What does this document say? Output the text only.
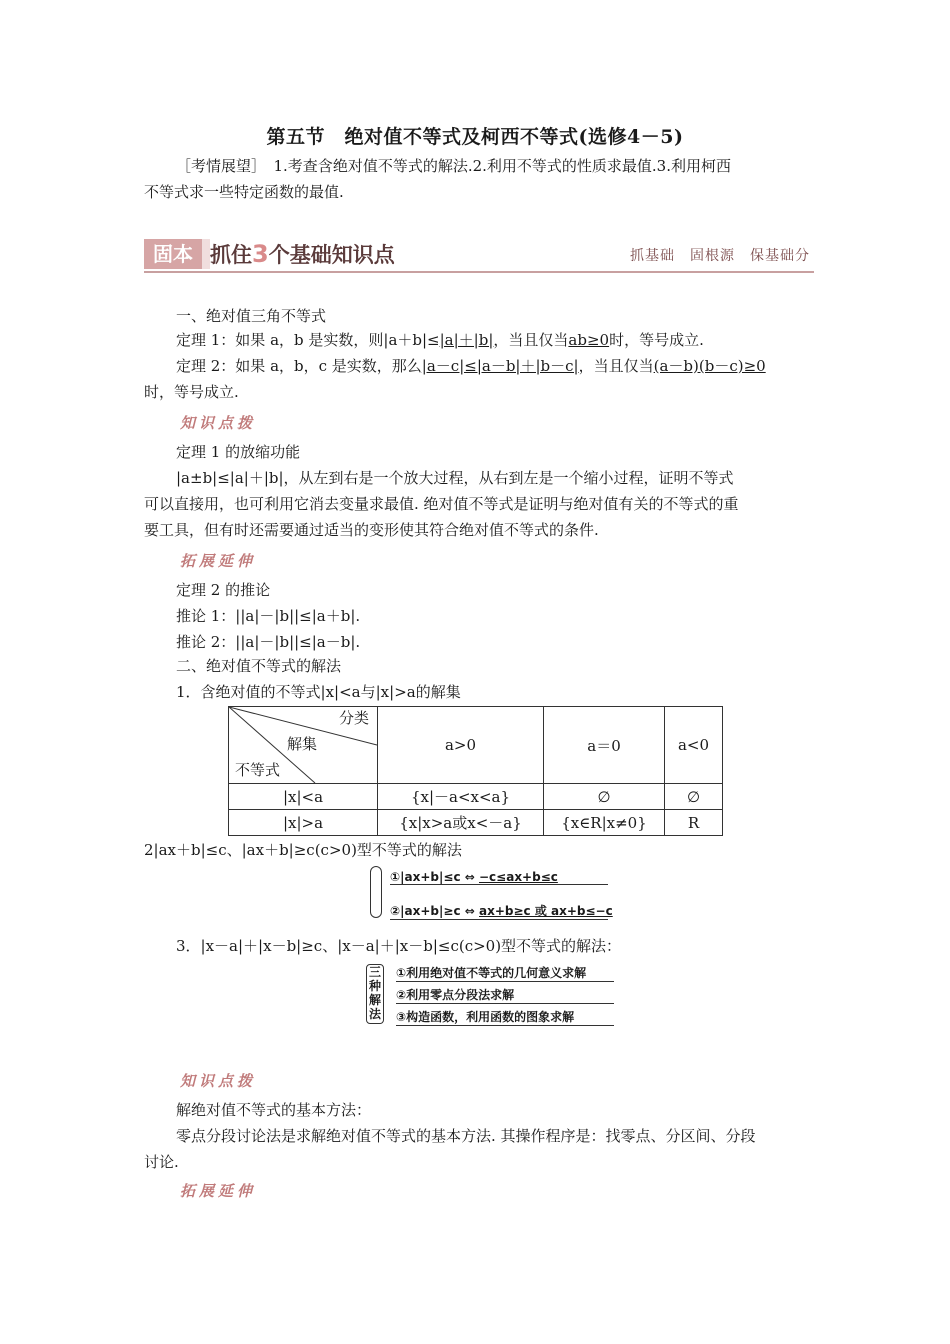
第五节　绝对值不等式及柯西不等式(选修4－5)
［考情展望］　1.考查含绝对值不等式的解法.2.利用不等式的性质求最值.3.利用柯西
不等式求一些特定函数的最值.
固本 抓住3个基础知识点	抓基础　固根源　保基础分
一、绝对值三角不等式
定理 1：如果 a，b 是实数，则|a＋b|≤|a|＋|b|，当且仅当ab≥0时，等号成立.
定理 2：如果 a，b，c 是实数，那么|a－c|≤|a－b|＋|b－c|，当且仅当(a－b)(b－c)≥0
时，等号成立.
知识点拨
定理 1 的放缩功能
|a±b|≤|a|＋|b|，从左到右是一个放大过程，从右到左是一个缩小过程，证明不等式
可以直接用，也可利用它消去变量求最值. 绝对值不等式是证明与绝对值有关的不等式的重
要工具，但有时还需要通过适当的变形使其符合绝对值不等式的条件.
拓展延伸
定理 2 的推论
推论 1：||a|－|b||≤|a＋b|.
推论 2：||a|－|b||≤|a－b|.
二、绝对值不等式的解法
1．含绝对值的不等式|x|<a与|x|>a的解集
分类
解集
不等式	a>0	a＝0	a<0
|x|<a	{x|－a<x<a}	∅	∅
|x|>a	{x|x>a或x<－a}	{x∈R|x≠0}	R
2|ax＋b|≤c、|ax＋b|≥c(c>0)型不等式的解法
①|ax+b|≤c ⇔ −c≤ax+b≤c
②|ax+b|≥c ⇔ ax+b≥c 或 ax+b≤−c
3．|x－a|＋|x－b|≥c、|x－a|＋|x－b|≤c(c>0)型不等式的解法：
三种解法
①利用绝对值不等式的几何意义求解
②利用零点分段法求解
③构造函数，利用函数的图象求解
知识点拨
解绝对值不等式的基本方法：
零点分段讨论法是求解绝对值不等式的基本方法. 其操作程序是：找零点、分区间、分段
讨论.
拓展延伸
